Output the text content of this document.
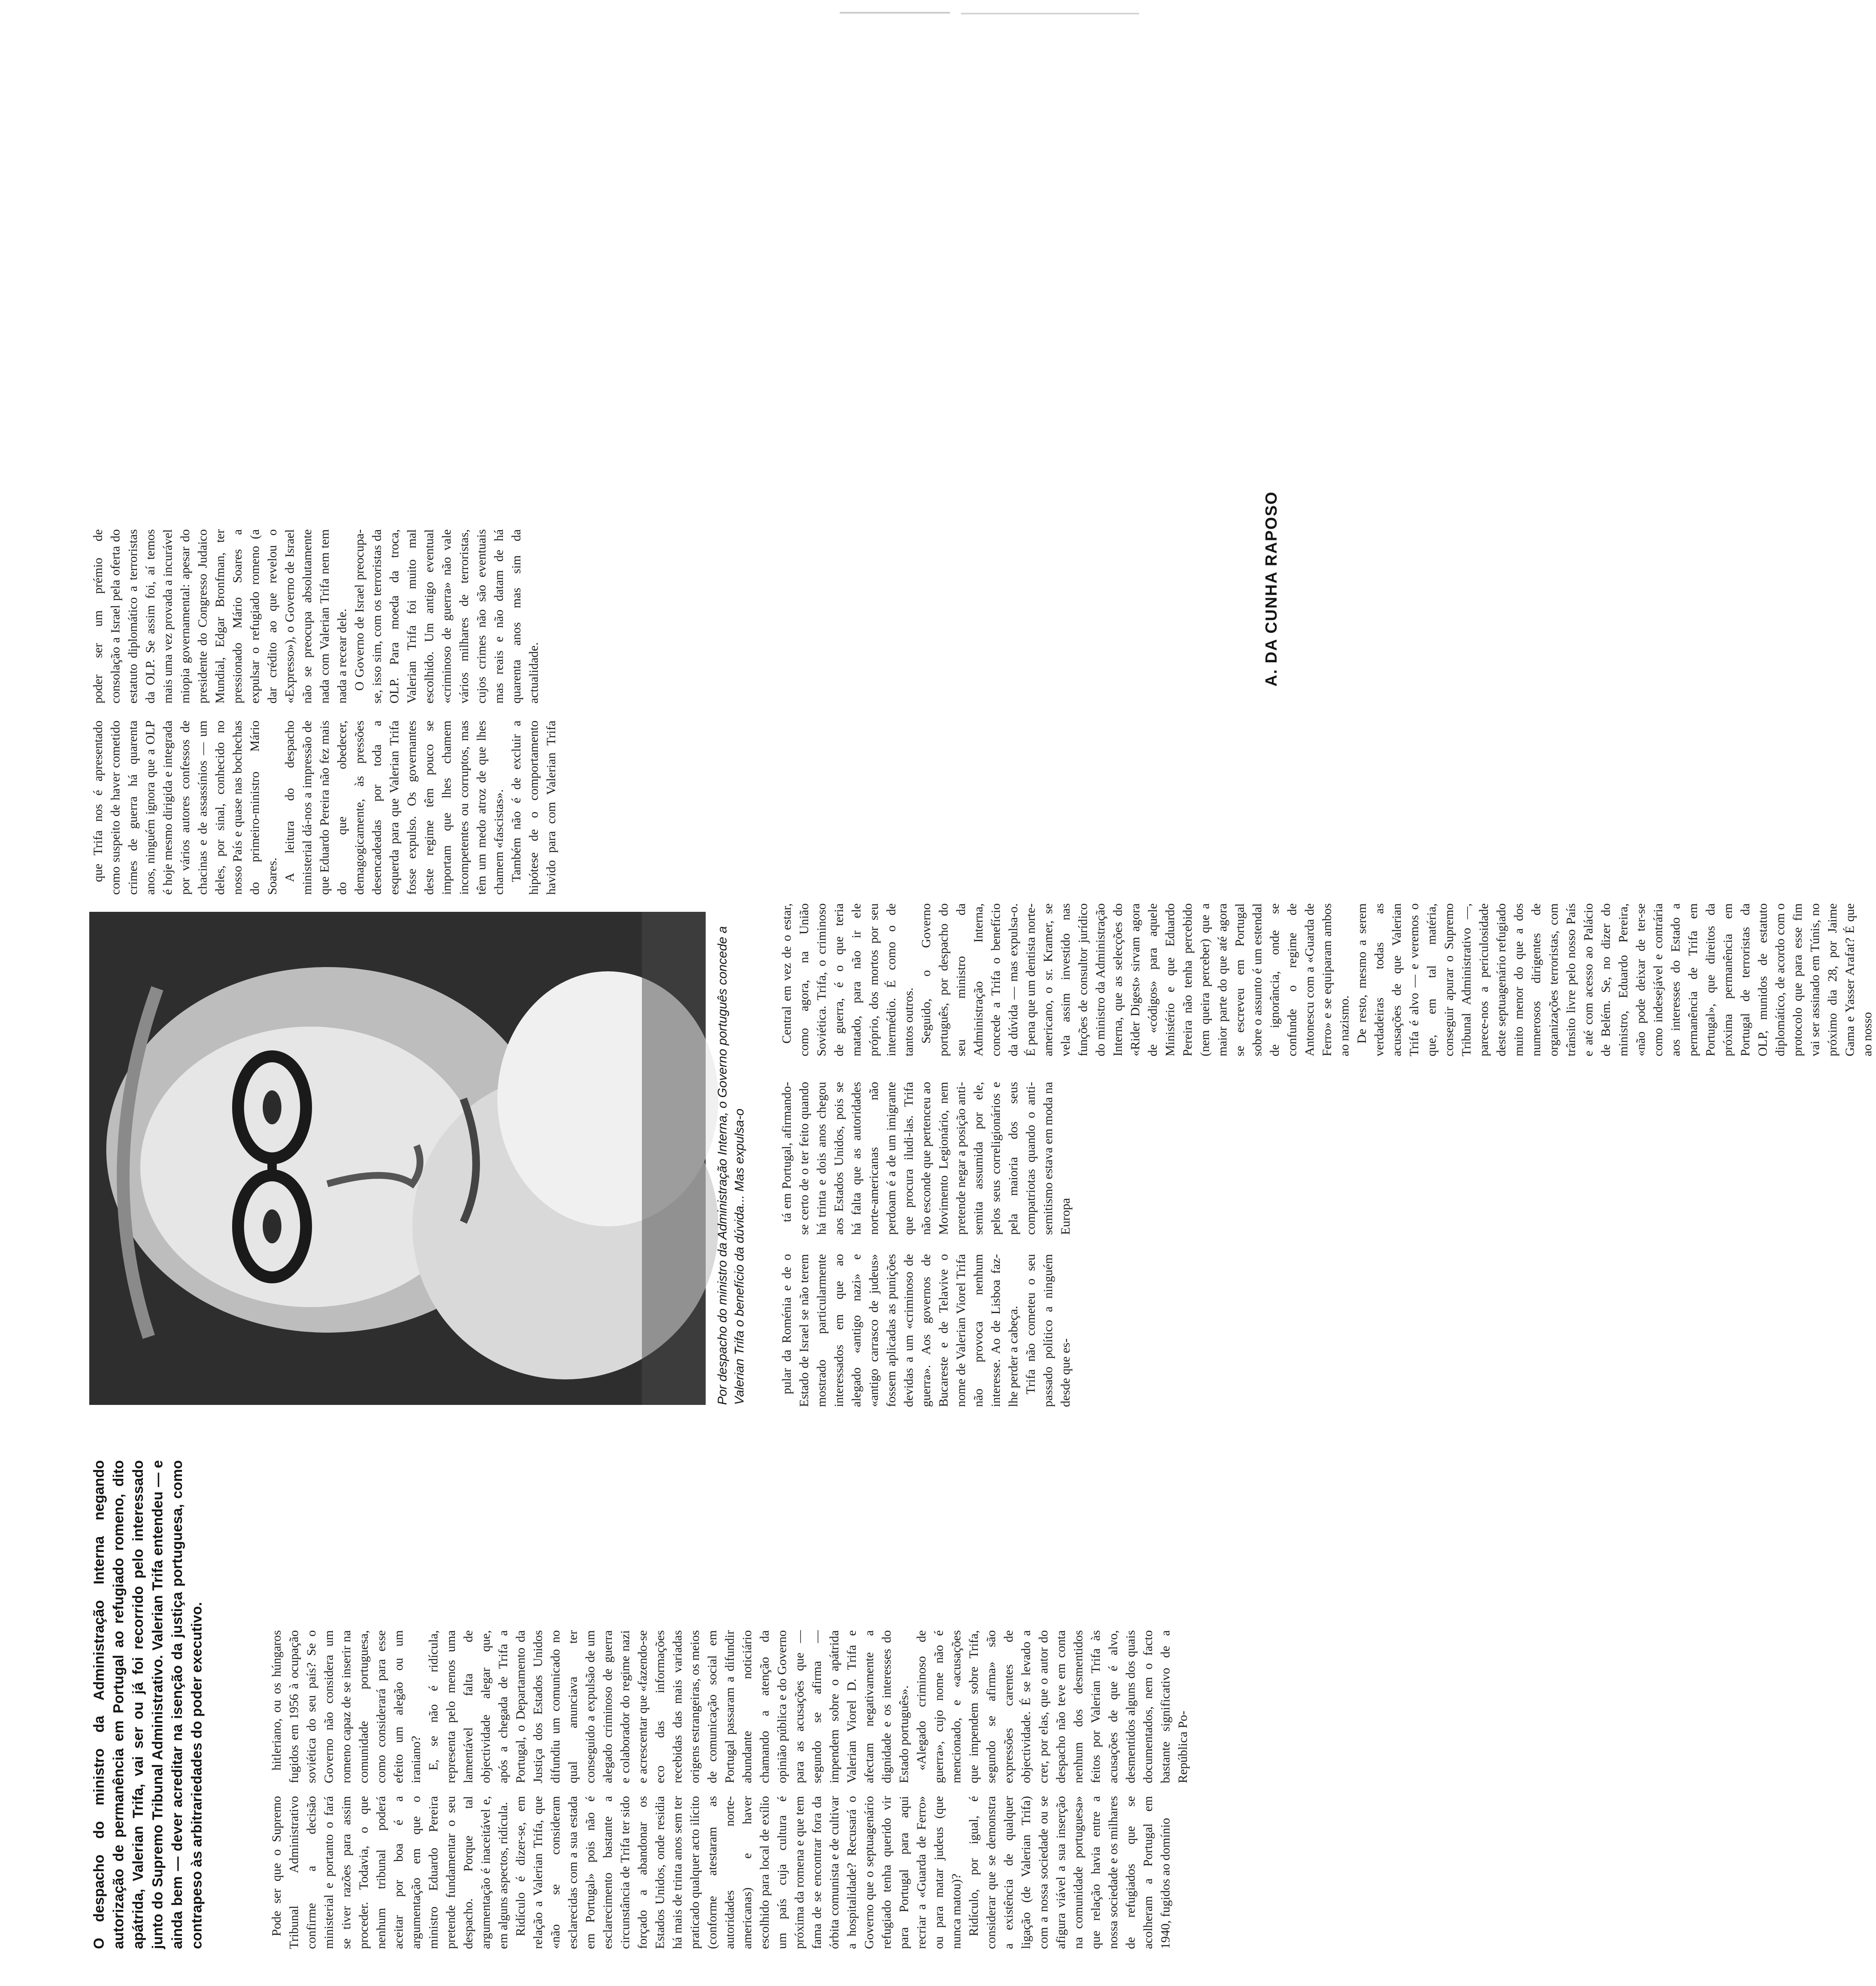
O despacho do ministro da Administração Interna negando autorização de permanência em Portugal ao refugiado romeno, dito apátrida, Valerian Trifa, vai ser ou já foi recorrido pelo interessado junto do Supremo Tribunal Administrativo. Valerian Trifa entendeu — e ainda bem — dever acreditar na isenção da justiça portuguesa, como contrapeso às arbitrariedades do poder executivo.	Pode ser que o Supremo Tribunal Administrativo confirme a decisão ministerial e portanto o fará se tiver razões para assim proceder. Todavia, o que nenhum tribunal poderá aceitar por boa é a argumentação em que o ministro Eduardo Pereira pretende fundamentar o seu despacho. Porque tal argumentação é inaceitável e, em alguns aspectos, ridícula. Ridículo é dizer-se, em relação a Valerian Trifa, que «não se consideram esclarecidas com a sua estada em Portugal» pois não é esclarecimento bastante a circunstância de Trifa ter sido forçado a abandonar os Estados Unidos, onde residia há mais de trinta anos sem ter praticado qualquer acto ilícito (conforme atestaram as autoridades norte-americanas) e haver escolhido para local de exílio um país cuja cultura é próxima da romena e que tem fama de se encontrar fora da órbita comunista e de cultivar a hospitalidade? Recusará o Governo que o septuagenário refugiado tenha querido vir para Portugal para aqui recriar a «Guarda de Ferro» ou para matar judeus (que nunca matou)? Ridículo, por igual, é considerar que se demonstra a existência de qualquer ligação (de Valerian Trifa) com a nossa sociedade ou se afigura viável a sua inserção na comunidade portuguesa» que relação havia entre a nossa sociedade e os milhares de refugiados que se acolheram a Portugal em 1940, fugidos ao domínio

hitleriano, ou os húngaros fugidos em 1956 à ocupação soviética do seu país? Se o Governo não considera um romeno capaz de se inserir na comunidade portuguesa, como considerará para esse efeito um alegão ou um iraniano? E, se não é ridícula, representa pelo menos uma lamentável falta de objectividade alegar que, após a chegada de Trifa a Portugal, o Departamento da Justiça dos Estados Unidos difundiu um comunicado no qual anunciava ter conseguido a expulsão de um alegado criminoso de guerra e colaborador do regime nazi e acrescentar que «fazendo-se eco das informações recebidas das mais variadas origens estrangeiras, os meios de comunicação social em Portugal passaram a difundir abundante noticiário chamando a atenção da opinião pública e do Governo para as acusações que — segundo se afirma — impendem sobre o apátrida Valerian Viorel D. Trifa e afectam negativamente a dignidade e os interesses do Estado português». «Alegado criminoso de guerra», cujo nome não é mencionado, e «acusações que impendem sobre Trifa, segundo se afirma» são expressões carentes de objectividade. É se levado a crer, por elas, que o autor do despacho não teve em conta nenhum dos desmentidos feitos por Valerian Trifa às acusações de que é alvo, desmentidos alguns dos quais documentados, nem o facto bastante significativo de a República Po-

Por despacho do ministro da Administração Interna, o Governo português concede a Valerian Trifa o benefício da dúvida... Mas expulsa-o	pular da Roménia e de o Estado de Israel se não terem mostrado particularmente interessados em que ao alegado «antigo nazi» e «antigo carrasco de judeus» fossem aplicadas as punições devidas a um «criminoso de guerra». Aos governos de Bucareste e de Telavive o nome de Valerian Viorel Trifa não provoca nenhum interesse. Ao de Lisboa faz-lhe perder a cabeça. Trifa não cometeu o seu passado político a ninguém desde que es-

tá em Portugal, afirmando-se certo de o ter feito quando há trinta e dois anos chegou aos Estados Unidos, pois se há falta que as autoridades norte-americanas não perdoam é a de um imigrante que procura iludi-las. Trifa não esconde que pertenceu ao Movimento Legionário, nem pretende negar a posição anti-semita assumida por ele, pelos seus correligionários e pela maioria dos seus compatriotas quando o anti-semitismo estava em moda na Europa

Central em vez de o estar, como agora, na União Soviética. Trifa, o criminoso de guerra, é o que teria matado, para não ir ele próprio, dos mortos por seu intermédio. É como o de tantos outros. Seguido, o Governo português, por despacho do seu ministro da Administração Interna, concede a Trifa o benefício da dúvida — mas expulsa-o. É pena que um dentista norte-americano, o sr. Kramer, se vela assim investido nas funções de consultor jurídico do ministro da Administração Interna, que as selecções do «Rider Digest» sirvam agora de «códigos» para aquele Ministério e que Eduardo Pereira não tenha percebido (nem queira perceber) que a maior parte do que até agora se escreveu em Portugal sobre o assunto é um estendal de ignorância, onde se confunde o regime de Antonescu com a «Guarda de Ferro» e se equiparam ambos ao nazismo. De resto, mesmo a serem verdadeiras todas as acusações de que Valerian Trifa é alvo — e veremos o que, em tal matéria, conseguir apurar o Supremo Tribunal Administrativo —, parece-nos a periculosidade deste septuagenário refugiado muito menor do que a dos numerosos dirigentes de organizações terroristas, com trânsito livre pelo nosso País e até com acesso ao Palácio de Belém. Se, no dizer do ministro, Eduardo Pereira, «não pode deixar de ter-se como indesejável e contrária aos interesses do Estado a permanência de Trifa em Portugal», que direitos da próxima permanência em Portugal de terroristas da OLP, munidos de estatuto diplomático, de acordo com o protocolo que para esse fim vai ser assinado em Túnis, no próximo dia 28, por Jaime Gama e Yasser Arafat? É que ao nosso

que Trifa nos é apresentado como suspeito de haver cometido crimes de guerra há quarenta anos, ninguém ignora que a OLP é hoje mesmo dirigida e integrada por vários autores confessos de chacinas e de assassínios — um deles, por sinal, conhecido no nosso País e quase nas bochechas do primeiro-ministro Mário Soares. A leitura do despacho ministerial dá-nos a impressão de que Eduardo Pereira não fez mais do que obedecer, demagogicamente, às pressões desencadeadas por toda a esquerda para que Valerian Trifa fosse expulso. Os governantes deste regime têm pouco se importam que lhes chamem incompetentes ou corruptos, mas têm um medo atroz de que lhes chamem «fascistas». Também não é de excluir a hipótese de o comportamento havido para com Valerian Trifa poder ser um prémio de consolação a Israel pela oferta do estatuto diplomático a terroristas da OLP. Se assim foi, aí temos mais uma vez provada a incurável miopia governamental: apesar do presidente do Congresso Judaico Mundial, Edgar Bronfman, ter pressionado Mário Soares a expulsar o refugiado romeno (a dar crédito ao que revelou o «Expresso»), o Governo de Israel não se preocupa absolutamente nada com Valerian Trifa nem tem nada a recear dele. O Governo de Israel preocupa-se, isso sim, com os terroristas da OLP. Para moeda da troca, Valerian Trifa foi muito mal escolhido. Um antigo eventual «criminoso de guerra» não vale vários milhares de terroristas, cujos crimes não são eventuais mas reais e não datam de há quarenta anos mas sim da actualidade.	A. DA CUNHA RAPOSO
